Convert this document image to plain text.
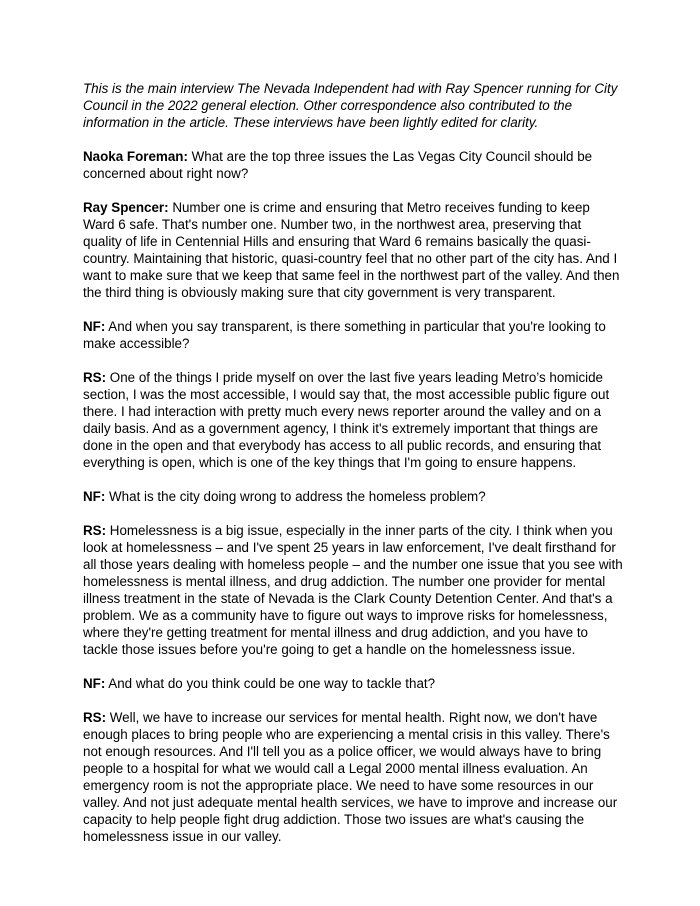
This is the main interview The Nevada Independent had with Ray Spencer running for City Council in the 2022 general election. Other correspondence also contributed to the information in the article. These interviews have been lightly edited for clarity.

Naoka Foreman: What are the top three issues the Las Vegas City Council should be concerned about right now?

Ray Spencer: Number one is crime and ensuring that Metro receives funding to keep Ward 6 safe. That's number one. Number two, in the northwest area, preserving that quality of life in Centennial Hills and ensuring that Ward 6 remains basically the quasi-country. Maintaining that historic, quasi-country feel that no other part of the city has. And I want to make sure that we keep that same feel in the northwest part of the valley. And then the third thing is obviously making sure that city government is very transparent.

NF: And when you say transparent, is there something in particular that you're looking to make accessible?

RS: One of the things I pride myself on over the last five years leading Metro’s homicide section, I was the most accessible, I would say that, the most accessible public figure out there. I had interaction with pretty much every news reporter around the valley and on a daily basis. And as a government agency, I think it's extremely important that things are done in the open and that everybody has access to all public records, and ensuring that everything is open, which is one of the key things that I'm going to ensure happens.

NF: What is the city doing wrong to address the homeless problem?

RS: Homelessness is a big issue, especially in the inner parts of the city. I think when you look at homelessness – and I've spent 25 years in law enforcement, I've dealt firsthand for all those years dealing with homeless people – and the number one issue that you see with homelessness is mental illness, and drug addiction. The number one provider for mental illness treatment in the state of Nevada is the Clark County Detention Center. And that's a problem. We as a community have to figure out ways to improve risks for homelessness, where they're getting treatment for mental illness and drug addiction, and you have to tackle those issues before you're going to get a handle on the homelessness issue.

NF: And what do you think could be one way to tackle that?

RS: Well, we have to increase our services for mental health. Right now, we don't have enough places to bring people who are experiencing a mental crisis in this valley. There's not enough resources. And I'll tell you as a police officer, we would always have to bring people to a hospital for what we would call a Legal 2000 mental illness evaluation. An emergency room is not the appropriate place. We need to have some resources in our valley. And not just adequate mental health services, we have to improve and increase our capacity to help people fight drug addiction. Those two issues are what's causing the homelessness issue in our valley.
